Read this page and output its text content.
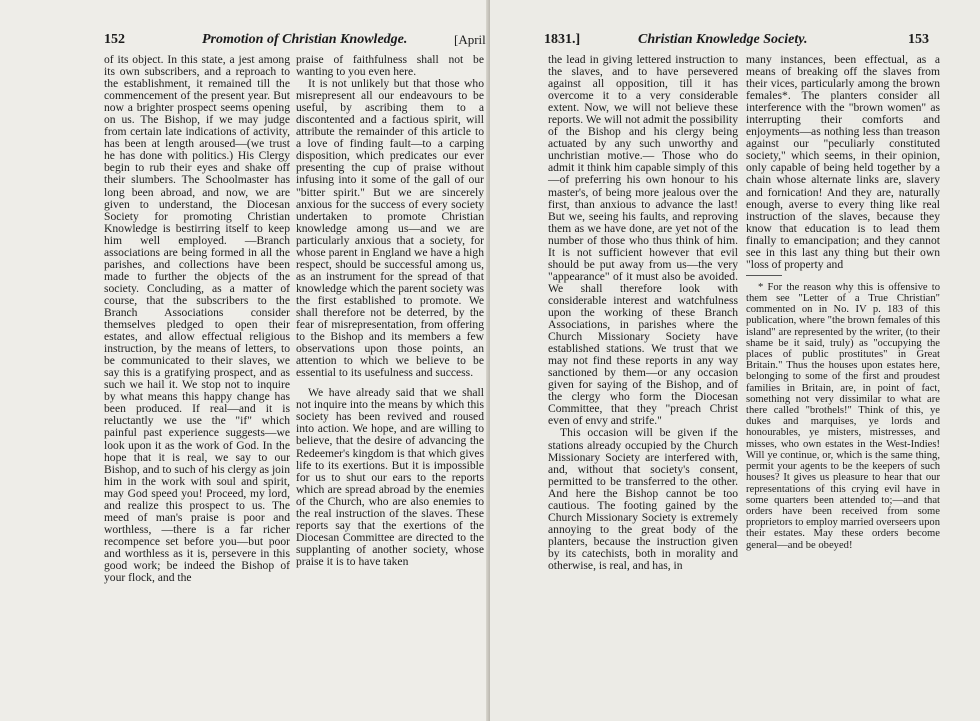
152	Promotion of Christian Knowledge.	[April

of its object. In this state, a jest among its own subscribers, and a reproach to the establishment, it remained till the commencement of the present year. But now a brighter prospect seems opening on us. The Bishop, if we may judge from certain late indications of activity, has been at length aroused—(we trust he has done with politics.) His Clergy begin to rub their eyes and shake off their slumbers. The Schoolmaster has long been abroad, and now, we are given to understand, the Diocesan Society for promoting Christian Knowledge is bestirring itself to keep him well employed. —Branch associations are being formed in all the parishes, and collections have been made to further the objects of the society. Concluding, as a matter of course, that the subscribers to the Branch Associations consider themselves pledged to open their estates, and allow effectual religious instruction, by the means of letters, to be communicated to their slaves, we say this is a gratifying prospect, and as such we hail it. We stop not to inquire by what means this happy change has been produced. If real—and it is reluctantly we use the "if" which painful past experience suggests—we look upon it as the work of God. In the hope that it is real, we say to our Bishop, and to such of his clergy as join him in the work with soul and spirit, may God speed you! Proceed, my lord, and realize this prospect to us. The meed of man's praise is poor and worthless, —there is a far richer recompence set before you—but poor and worthless as it is, persevere in this good work; be indeed the Bishop of your flock, and the

praise of faithfulness shall not be wanting to you even here.

It is not unlikely but that those who misrepresent all our endeavours to be useful, by ascribing them to a discontented and a factious spirit, will attribute the remainder of this article to a love of finding fault—to a carping disposition, which predicates our ever presenting the cup of praise without infusing into it some of the gall of our "bitter spirit." But we are sincerely anxious for the success of every society undertaken to promote Christian knowledge among us—and we are particularly anxious that a society, for whose parent in England we have a high respect, should be successful among us, as an instrument for the spread of that knowledge which the parent society was the first established to promote. We shall therefore not be deterred, by the fear of misrepresentation, from offering to the Bishop and its members a few observations upon those points, an attention to which we believe to be essential to its usefulness and success.

We have already said that we shall not inquire into the means by which this society has been revived and roused into action. We hope, and are willing to believe, that the desire of advancing the Redeemer's kingdom is that which gives life to its exertions. But it is impossible for us to shut our ears to the reports which are spread abroad by the enemies of the Church, who are also enemies to the real instruction of the slaves. These reports say that the exertions of the Diocesan Committee are directed to the supplanting of another society, whose praise it is to have taken

1831.]	Christian Knowledge Society.	153

the lead in giving lettered instruction to the slaves, and to have persevered against all opposition, till it has overcome it to a very considerable extent. Now, we will not believe these reports. We will not admit the possibility of the Bishop and his clergy being actuated by any such unworthy and unchristian motive.— Those who do admit it think him capable simply of this—of preferring his own honour to his master's, of being more jealous over the first, than anxious to advance the last! But we, seeing his faults, and reproving them as we have done, are yet not of the number of those who thus think of him. It is not sufficient however that evil should be put away from us—the very "appearance" of it must also be avoided. We shall therefore look with considerable interest and watchfulness upon the working of these Branch Associations, in parishes where the Church Missionary Society have established stations. We trust that we may not find these reports in any way sanctioned by them—or any occasion given for saying of the Bishop, and of the clergy who form the Diocesan Committee, that they "preach Christ even of envy and strife."

This occasion will be given if the stations already occupied by the Church Missionary Society are interfered with, and, without that society's consent, permitted to be transferred to the other. And here the Bishop cannot be too cautious. The footing gained by the Church Missionary Society is extremely annoying to the great body of the planters, because the instruction given by its catechists, both in morality and otherwise, is real, and has, in

many instances, been effectual, as a means of breaking off the slaves from their vices, particularly among the brown females*. The planters consider all interference with the "brown women" as interrupting their comforts and enjoyments—as nothing less than treason against our "peculiarly constituted society," which seems, in their opinion, only capable of being held together by a chain whose alternate links are, slavery and fornication! And they are, naturally enough, averse to every thing like real instruction of the slaves, because they know that education is to lead them finally to emancipation; and they cannot see in this last any thing but their own "loss of property and

* For the reason why this is offensive to them see "Letter of a True Christian" commented on in No. IV p. 183 of this publication, where "the brown females of this island" are represented by the writer, (to their shame be it said, truly) as "occupying the places of public prostitutes" in Great Britain." Thus the houses upon estates here, belonging to some of the first and proudest families in Britain, are, in point of fact, something not very dissimilar to what are there called "brothels!" Think of this, ye dukes and marquises, ye lords and honourables, ye misters, mistresses, and misses, who own estates in the West-Indies! Will ye continue, or, which is the same thing, permit your agents to be the keepers of such houses? It gives us pleasure to hear that our representations of this crying evil have in some quarters been attended to;—and that orders have been received from some proprietors to employ married overseers upon their estates. May these orders become general—and be obeyed!
